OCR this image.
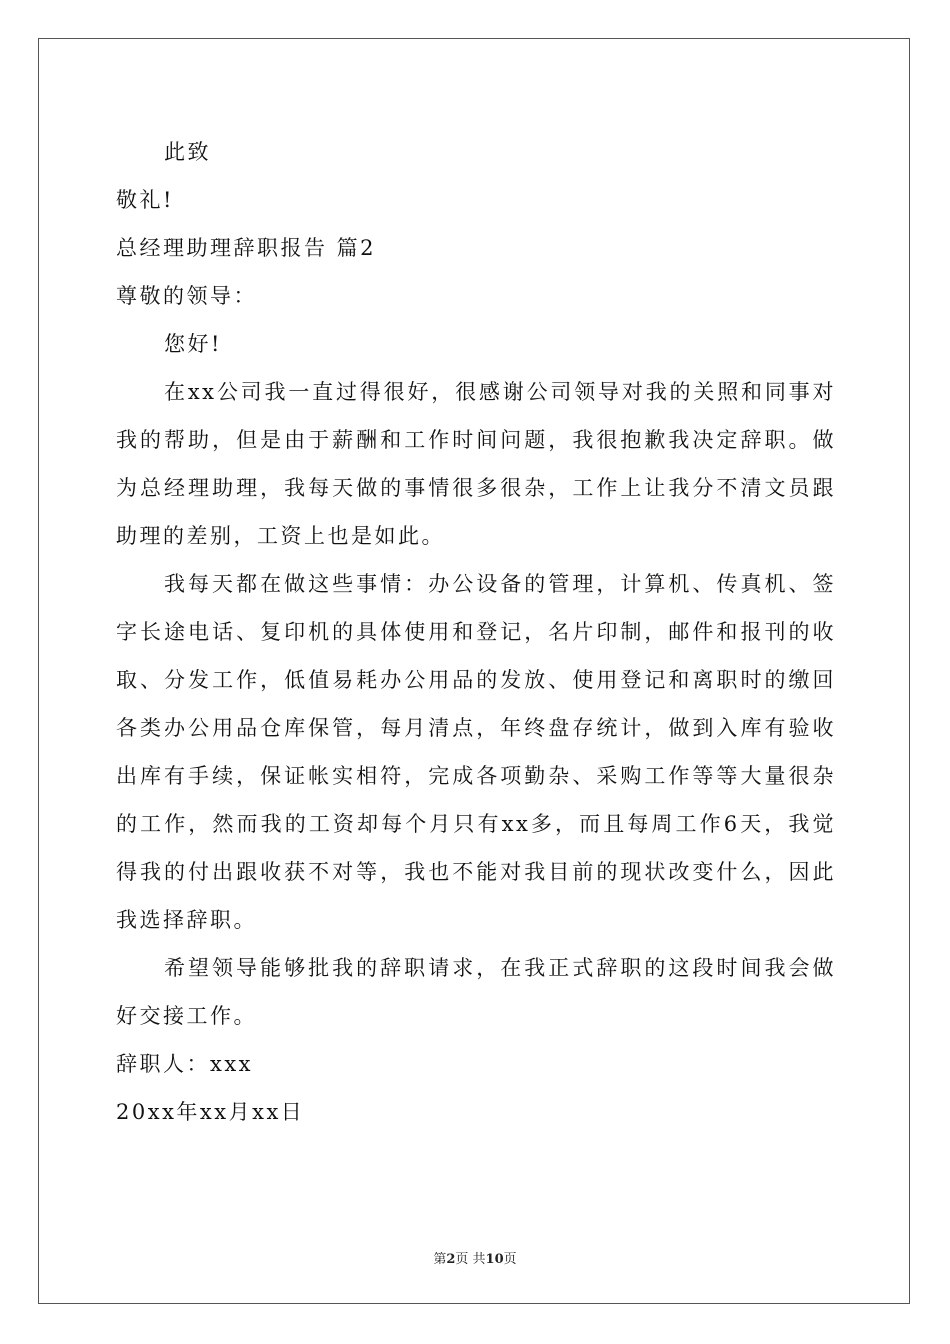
此致
敬礼!
总经理助理辞职报告 篇2
尊敬的领导：
您好!

在xx公司我一直过得很好，很感谢公司领导对我的关照和同事对我的帮助，但是由于薪酬和工作时间问题，我很抱歉我决定辞职。做为总经理助理，我每天做的事情很多很杂，工作上让我分不清文员跟助理的差别，工资上也是如此。

我每天都在做这些事情：办公设备的管理，计算机、传真机、签字长途电话、复印机的具体使用和登记，名片印制，邮件和报刊的收取、分发工作，低值易耗办公用品的发放、使用登记和离职时的缴回各类办公用品仓库保管，每月清点，年终盘存统计，做到入库有验收出库有手续，保证帐实相符，完成各项勤杂、采购工作等等大量很杂的工作，然而我的工资却每个月只有xx多，而且每周工作6天，我觉得我的付出跟收获不对等，我也不能对我目前的现状改变什么，因此我选择辞职。

希望领导能够批我的辞职请求，在我正式辞职的这段时间我会做好交接工作。

辞职人：xxx
20xx年xx月xx日
第2页 共10页
